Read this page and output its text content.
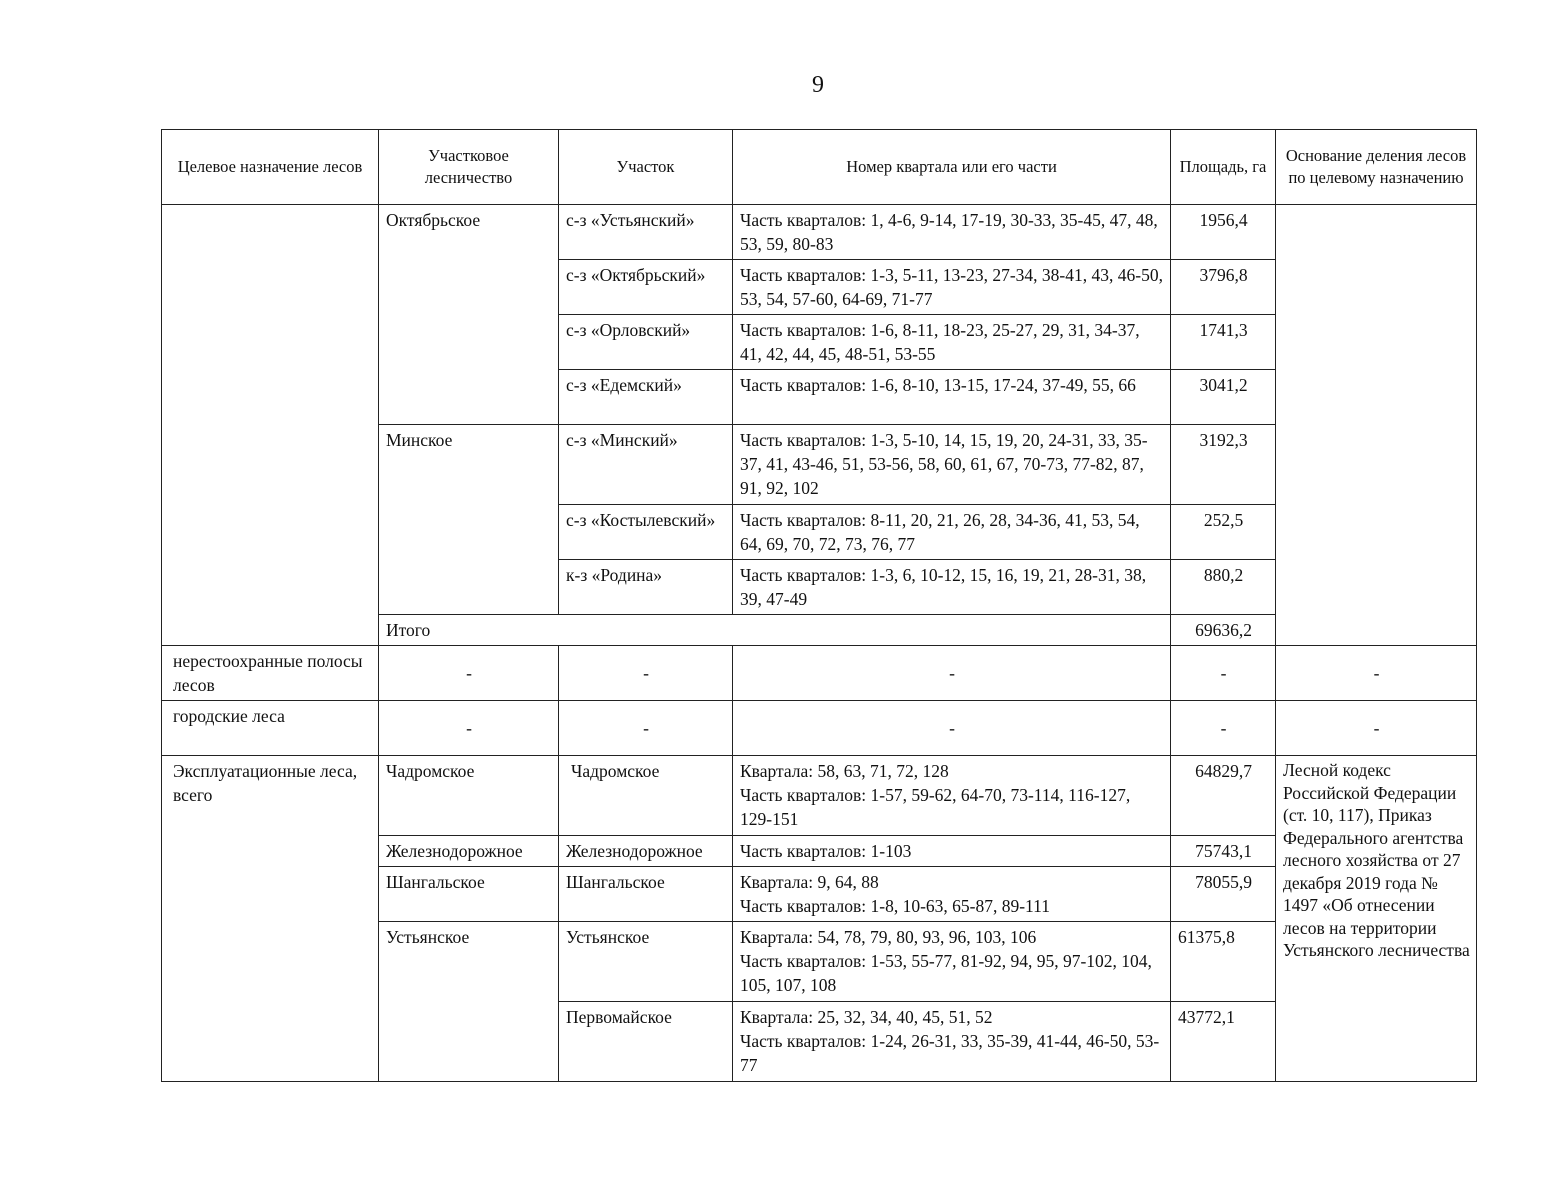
9
Целевое назначение лесов	Участковое лесничество	Участок	Номер квартала или его части	Площадь, га	Основание деления лесов по целевому назначению
	Октябрьское	с-з «Устьянский»	Часть кварталов: 1, 4-6, 9-14, 17-19, 30-33, 35-45, 47, 48, 53, 59, 80-83	1956,4	
		с-з «Октябрьский»	Часть кварталов: 1-3, 5-11, 13-23, 27-34, 38-41, 43, 46-50, 53, 54, 57-60, 64-69, 71-77	3796,8	
		с-з «Орловский»	Часть кварталов: 1-6, 8-11, 18-23, 25-27, 29, 31, 34-37, 41, 42, 44, 45, 48-51, 53-55	1741,3	
		с-з «Едемский»	Часть кварталов: 1-6, 8-10, 13-15, 17-24, 37-49, 55, 66	3041,2	
	Минское	с-з «Минский»	Часть кварталов: 1-3, 5-10, 14, 15, 19, 20, 24-31, 33, 35-37, 41, 43-46, 51, 53-56, 58, 60, 61, 67, 70-73, 77-82, 87, 91, 92, 102	3192,3	
		с-з «Костылевский»	Часть кварталов: 8-11, 20, 21, 26, 28, 34-36, 41, 53, 54, 64, 69, 70, 72, 73, 76, 77	252,5	
		к-з «Родина»	Часть кварталов: 1-3, 6, 10-12, 15, 16, 19, 21, 28-31, 38, 39, 47-49	880,2	
	Итого			69636,2	
нерестоохранные полосы лесов	-	-	-	-	-
городские леса	-	-	-	-	-
Эксплуатационные леса, всего	Чадромское	Чадромское	Квартала: 58, 63, 71, 72, 128
Часть кварталов: 1-57, 59-62, 64-70, 73-114, 116-127, 129-151	64829,7	Лесной кодекс Российской Федерации (ст. 10, 117), Приказ Федерального агентства лесного хозяйства от 27 декабря 2019 года № 1497 «Об отнесении лесов на территории Устьянского лесничества
	Железнодорожное	Железнодорожное	Часть кварталов: 1-103	75743,1	
	Шангальское	Шангальское	Квартала: 9, 64, 88
Часть кварталов: 1-8, 10-63, 65-87, 89-111	78055,9	
	Устьянское	Устьянское	Квартала: 54, 78, 79, 80, 93, 96, 103, 106
Часть кварталов: 1-53, 55-77, 81-92, 94, 95, 97-102, 104, 105, 107, 108	61375,8	
		Первомайское	Квартала: 25, 32, 34, 40, 45, 51, 52
Часть кварталов: 1-24, 26-31, 33, 35-39, 41-44, 46-50, 53-77	43772,1	
